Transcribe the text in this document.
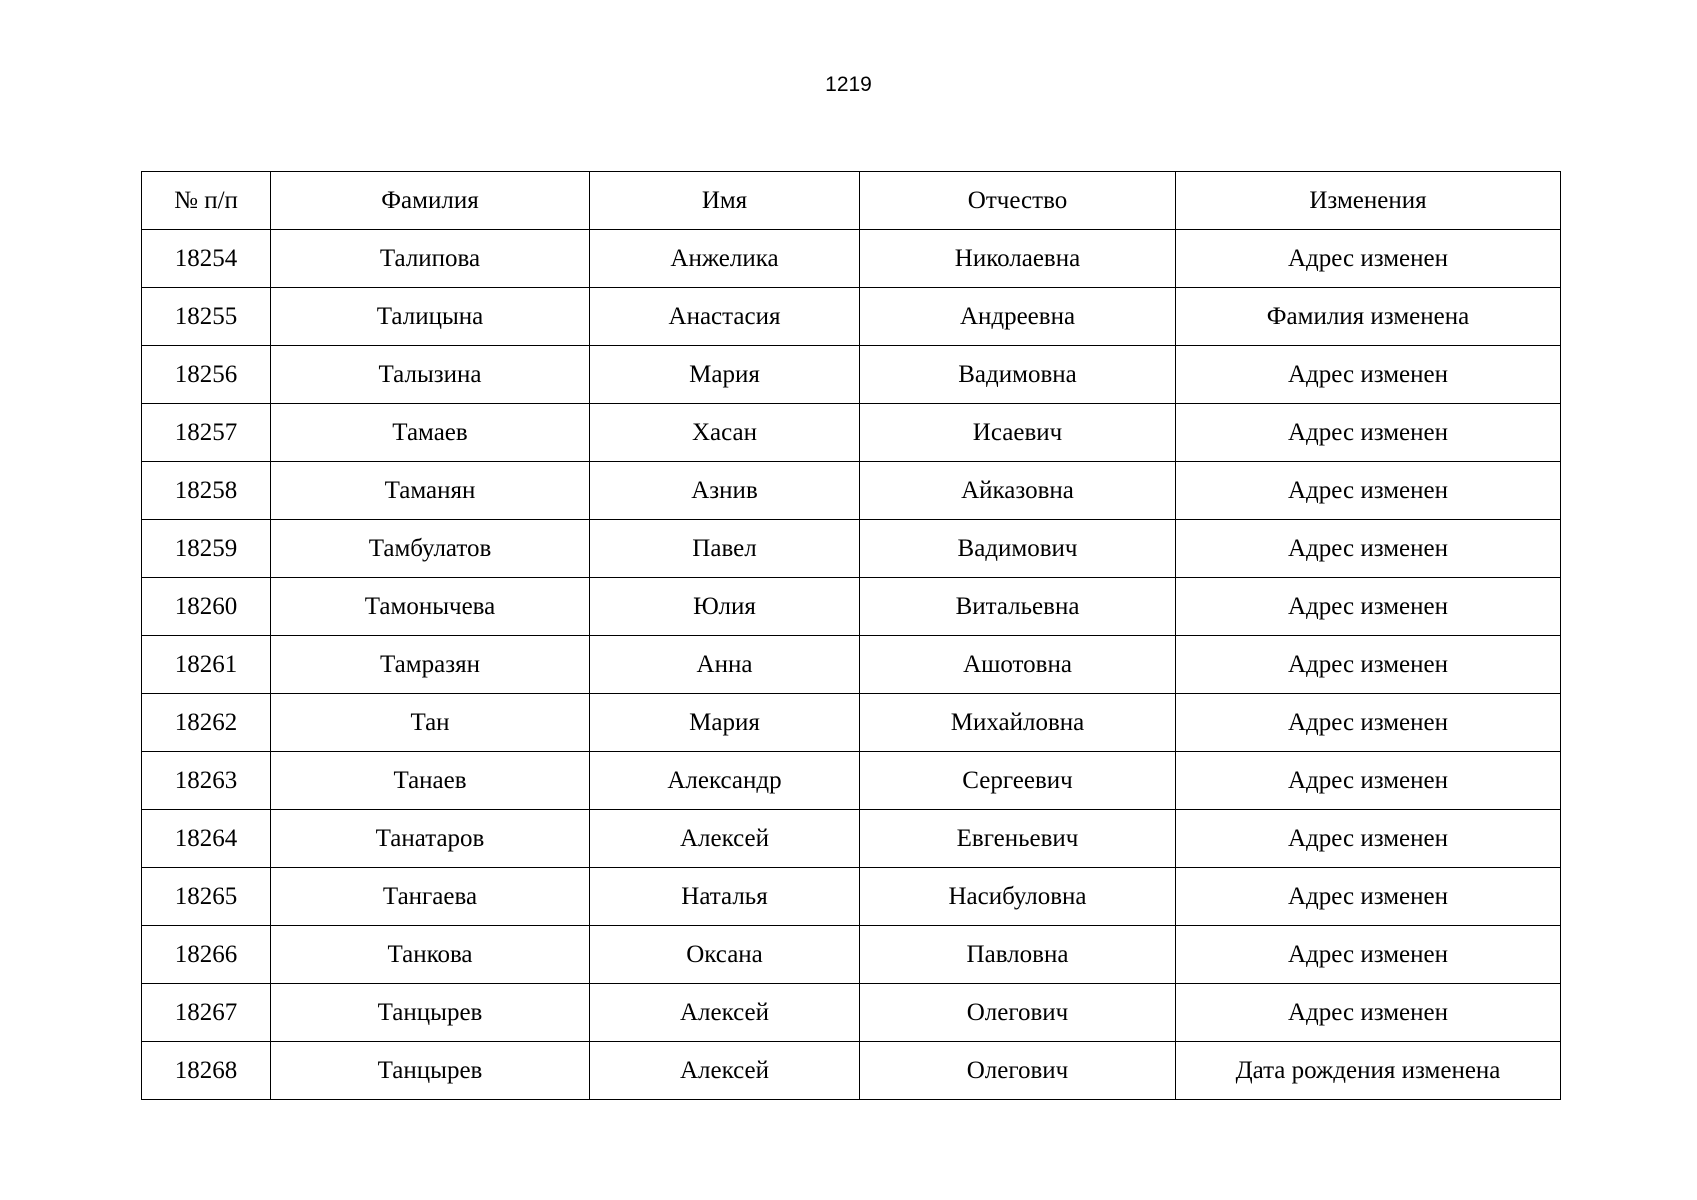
1219
№ п/п	Фамилия	Имя	Отчество	Изменения
18254	Талипова	Анжелика	Николаевна	Адрес изменен
18255	Талицына	Анастасия	Андреевна	Фамилия изменена
18256	Талызина	Мария	Вадимовна	Адрес изменен
18257	Тамаев	Хасан	Исаевич	Адрес изменен
18258	Таманян	Азнив	Айказовна	Адрес изменен
18259	Тамбулатов	Павел	Вадимович	Адрес изменен
18260	Тамонычева	Юлия	Витальевна	Адрес изменен
18261	Тамразян	Анна	Ашотовна	Адрес изменен
18262	Тан	Мария	Михайловна	Адрес изменен
18263	Танаев	Александр	Сергеевич	Адрес изменен
18264	Танатаров	Алексей	Евгеньевич	Адрес изменен
18265	Тангаева	Наталья	Насибуловна	Адрес изменен
18266	Танкова	Оксана	Павловна	Адрес изменен
18267	Танцырев	Алексей	Олегович	Адрес изменен
18268	Танцырев	Алексей	Олегович	Дата рождения изменена
